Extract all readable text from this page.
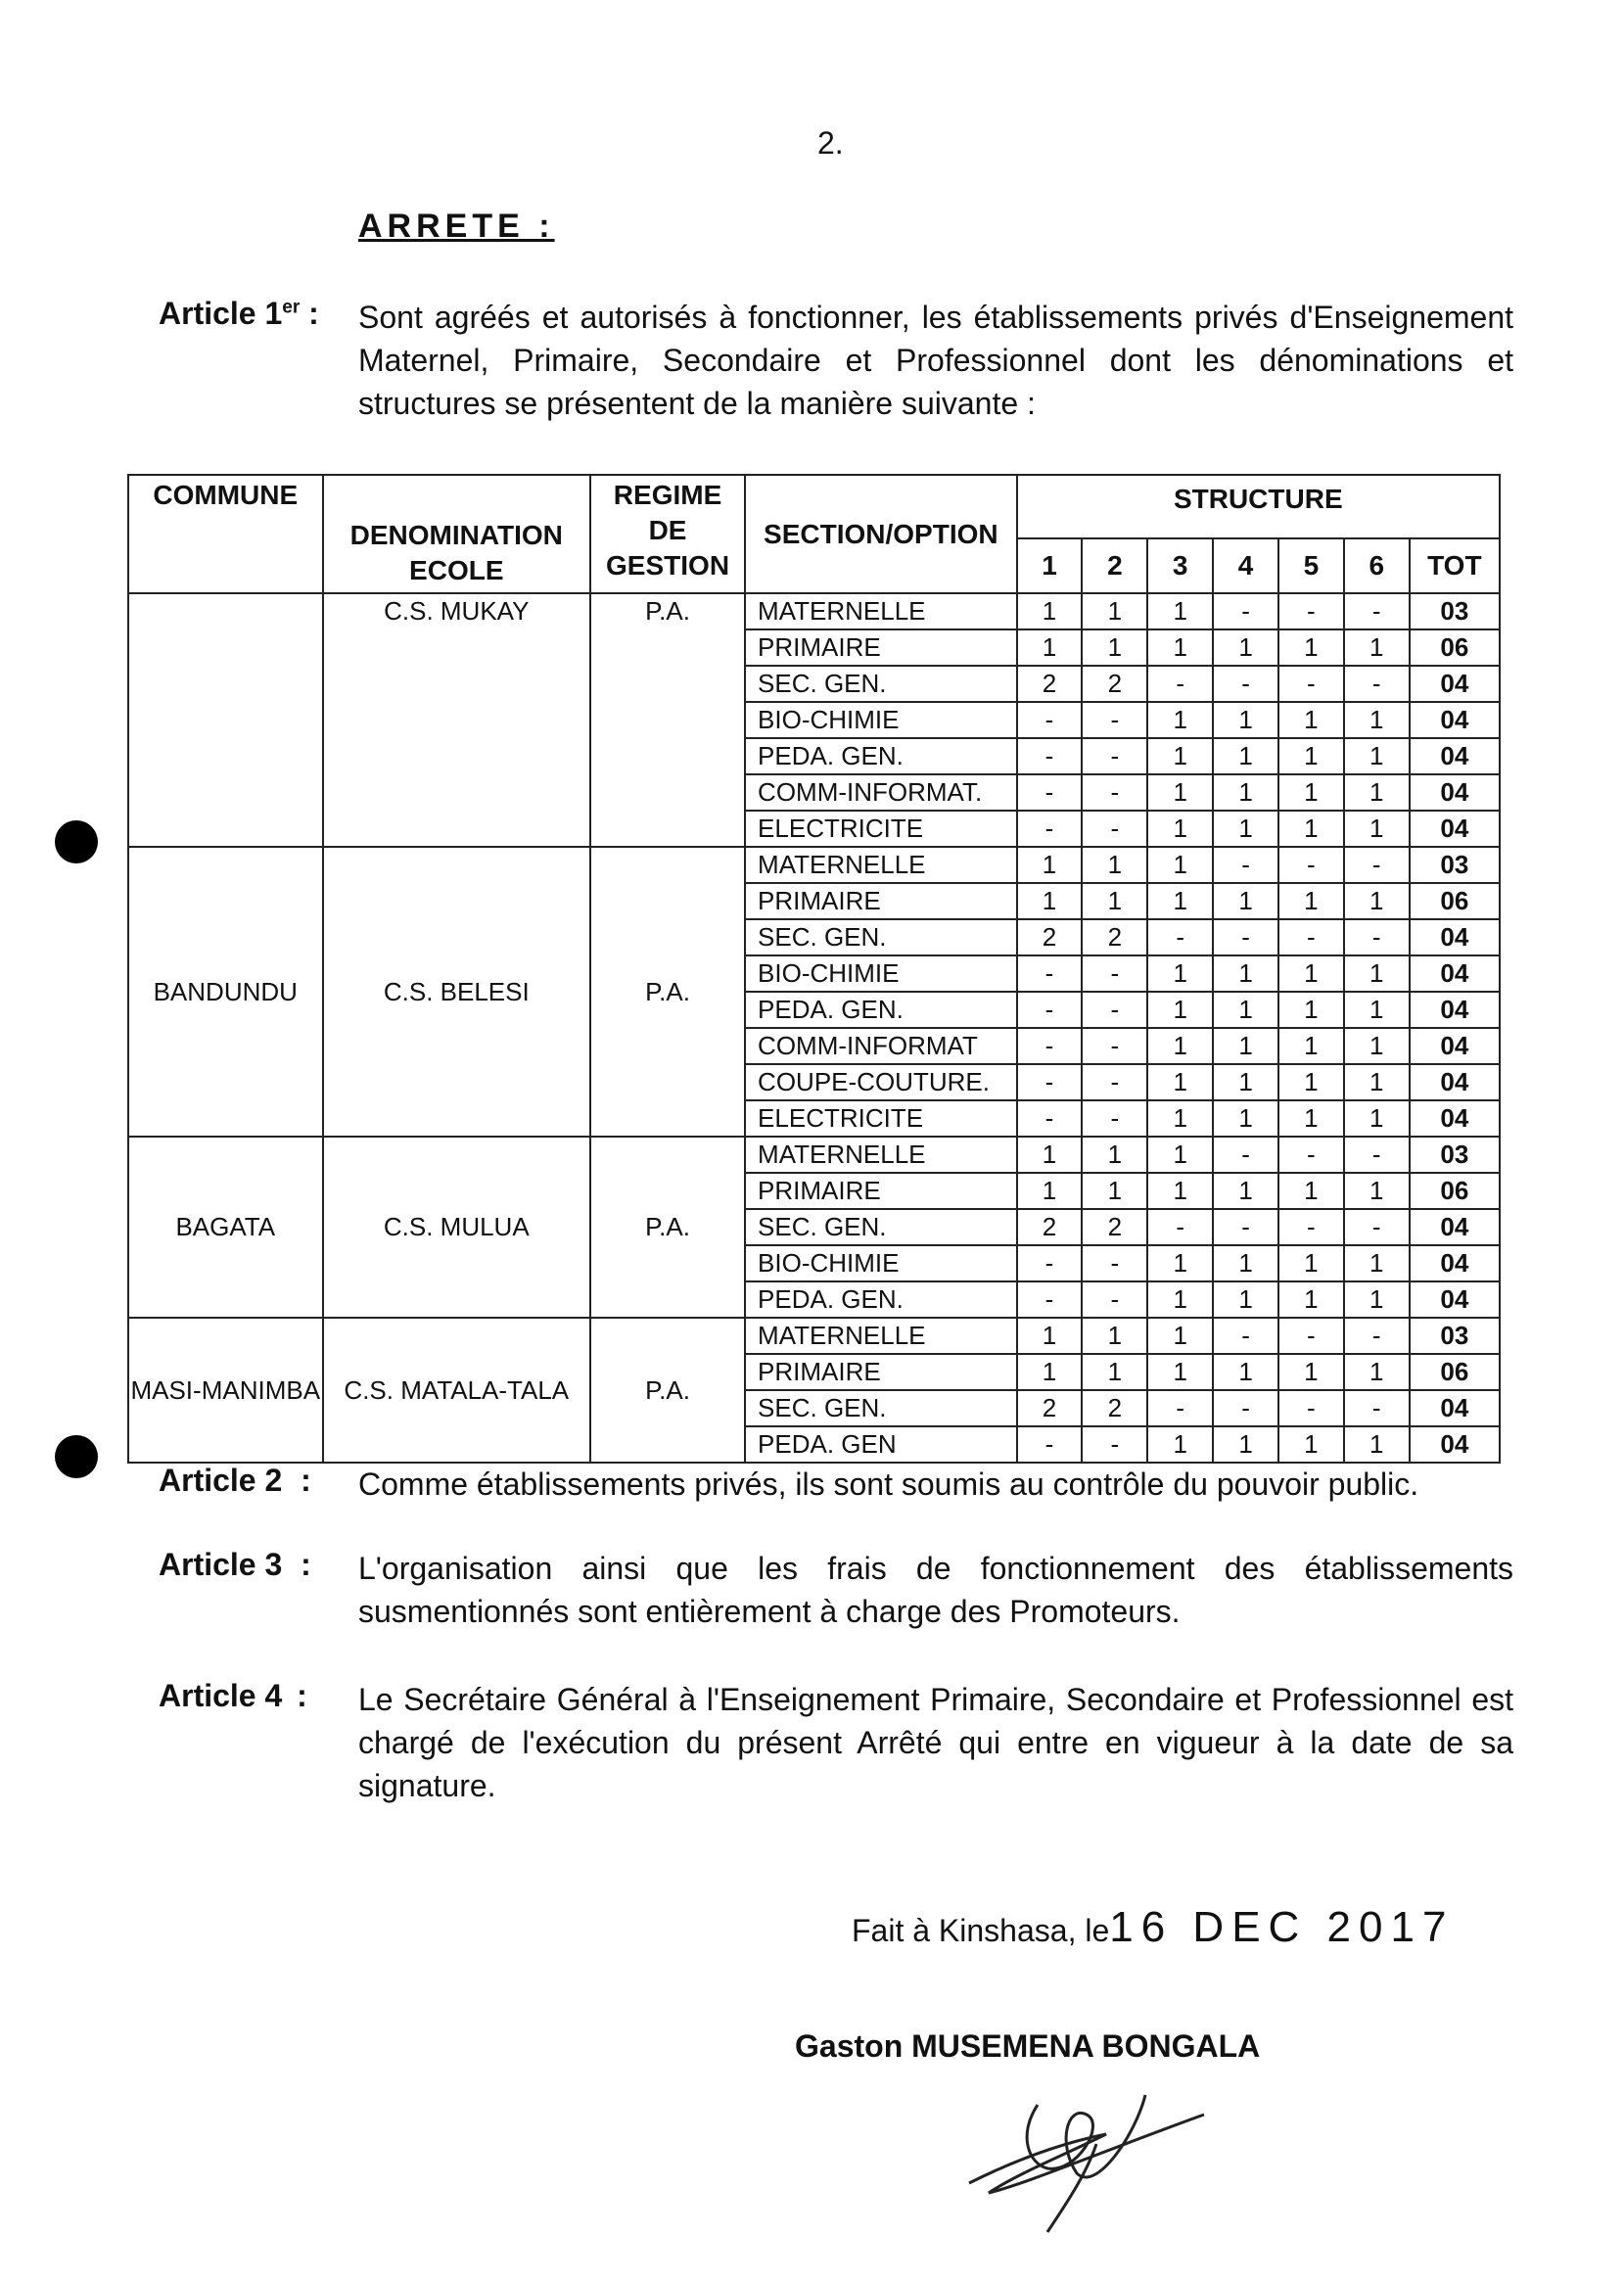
2.
ARRETE :
Article 1er : Sont agréés et autorisés à fonctionner, les établissements privés d'Enseignement Maternel, Primaire, Secondaire et Professionnel dont les dénominations et structures se présentent de la manière suivante :
COMMUNE	DENOMINATION ECOLE	REGIME DE GESTION	SECTION/OPTION	STRUCTURE						
				1	2	3	4	5	6	TOT
	C.S. MUKAY	P.A.	MATERNELLE	1	1	1	-	-	-	03
			PRIMAIRE	1	1	1	1	1	1	06
			SEC. GEN.	2	2	-	-	-	-	04
			BIO-CHIMIE	-	-	1	1	1	1	04
			PEDA. GEN.	-	-	1	1	1	1	04
			COMM-INFORMAT.	-	-	1	1	1	1	04
			ELECTRICITE	-	-	1	1	1	1	04
BANDUNDU	C.S. BELESI	P.A.	MATERNELLE	1	1	1	-	-	-	03
			PRIMAIRE	1	1	1	1	1	1	06
			SEC. GEN.	2	2	-	-	-	-	04
			BIO-CHIMIE	-	-	1	1	1	1	04
			PEDA. GEN.	-	-	1	1	1	1	04
			COMM-INFORMAT	-	-	1	1	1	1	04
			COUPE-COUTURE.	-	-	1	1	1	1	04
			ELECTRICITE	-	-	1	1	1	1	04
BAGATA	C.S. MULUA	P.A.	MATERNELLE	1	1	1	-	-	-	03
			PRIMAIRE	1	1	1	1	1	1	06
			SEC. GEN.	2	2	-	-	-	-	04
			BIO-CHIMIE	-	-	1	1	1	1	04
			PEDA. GEN.	-	-	1	1	1	1	04
MASI-MANIMBA	C.S. MATALA-TALA	P.A.	MATERNELLE	1	1	1	-	-	-	03
			PRIMAIRE	1	1	1	1	1	1	06
			SEC. GEN.	2	2	-	-	-	-	04
			PEDA. GEN	-	-	1	1	1	1	04
Article 2 : Comme établissements privés, ils sont soumis au contrôle du pouvoir public.
Article 3 : L'organisation ainsi que les frais de fonctionnement des établissements susmentionnés sont entièrement à charge des Promoteurs.
Article 4 : Le Secrétaire Général à l'Enseignement Primaire, Secondaire et Professionnel est chargé de l'exécution du présent Arrêté qui entre en vigueur à la date de sa signature.
Fait à Kinshasa, le16 DEC 2017
Gaston MUSEMENA BONGALA
